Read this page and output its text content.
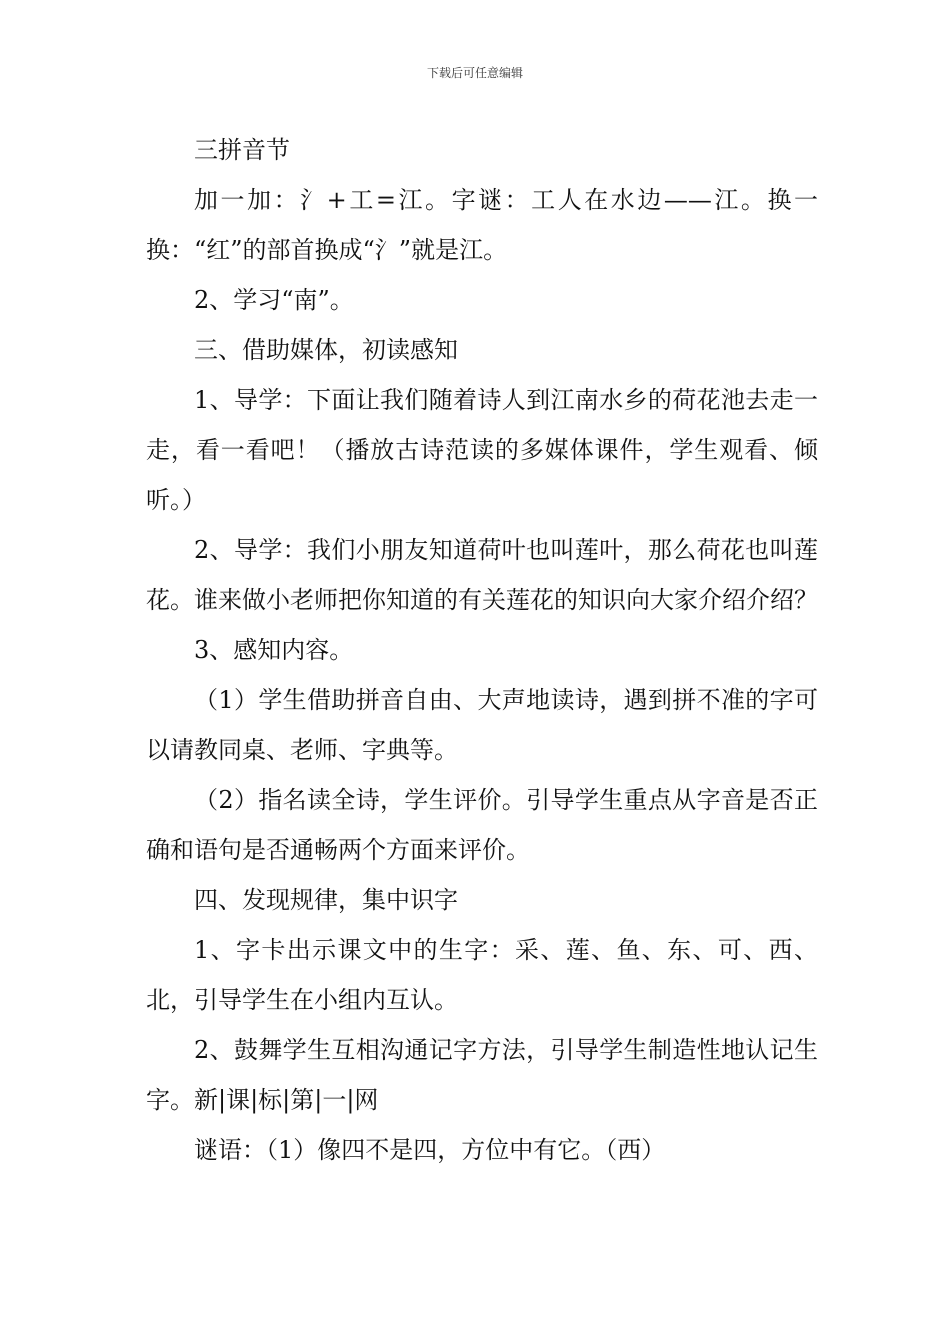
下载后可任意编辑

三拼音节

加一加：氵+工=江。字谜：工人在水边——江。换一换：“红”的部首换成“氵”就是江。

2、学习“南”。

三、借助媒体，初读感知

1、导学：下面让我们随着诗人到江南水乡的荷花池去走一走，看一看吧！（播放古诗范读的多媒体课件，学生观看、倾听。）

2、导学：我们小朋友知道荷叶也叫莲叶，那么荷花也叫莲花。谁来做小老师把你知道的有关莲花的知识向大家介绍介绍？

3、感知内容。

（1）学生借助拼音自由、大声地读诗，遇到拼不准的字可以请教同桌、老师、字典等。

（2）指名读全诗，学生评价。引导学生重点从字音是否正确和语句是否通畅两个方面来评价。

四、发现规律，集中识字

1、字卡出示课文中的生字：采、莲、鱼、东、可、西、北，引导学生在小组内互认。

2、鼓舞学生互相沟通记字方法，引导学生制造性地认记生字。新|课|标|第|一|网

谜语：（1）像四不是四，方位中有它。（西）
